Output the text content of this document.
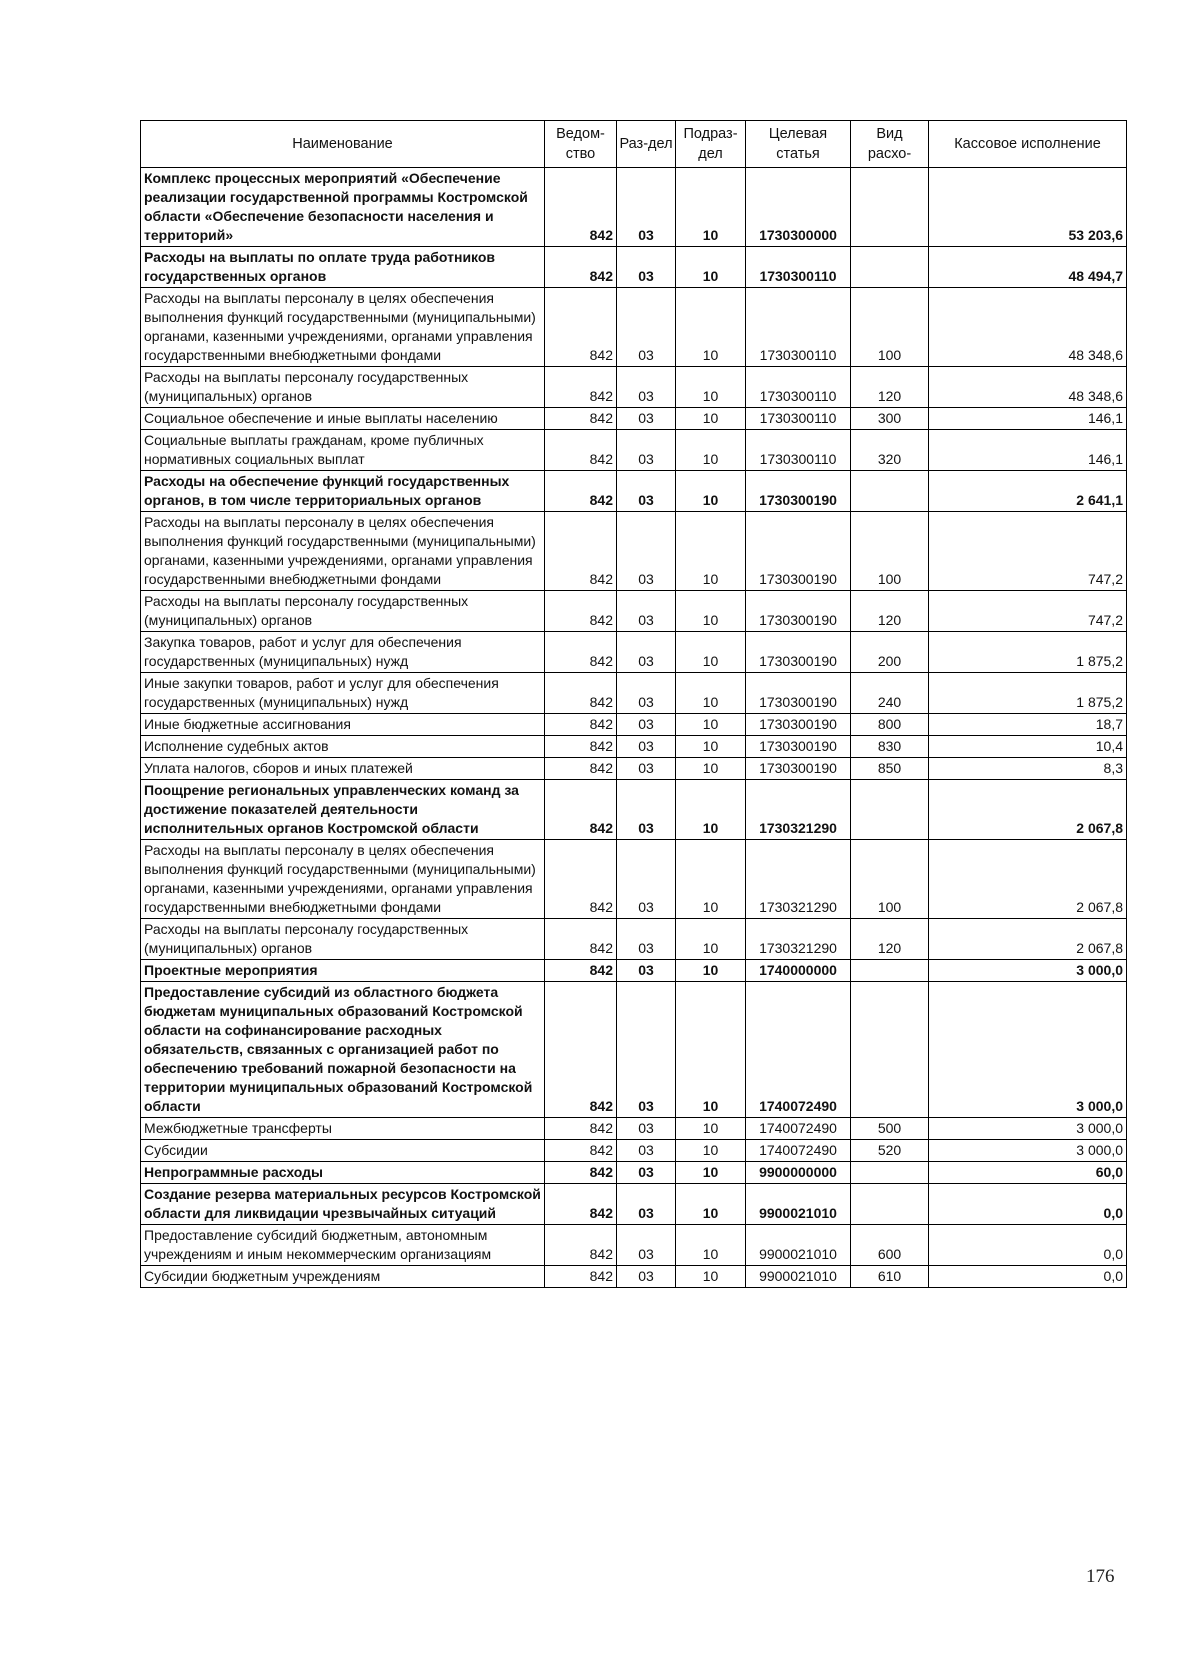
Наименование	Ведом-ство	Раз-дел	Подраз-дел	Целевая статья	Вид расхо-	Кассовое исполнение
Комплекс процессных мероприятий «Обеспечение реализации государственной программы Костромской области «Обеспечение безопасности населения и территорий»	842	03	10	1730300000		53 203,6
Расходы на выплаты по оплате труда работников государственных органов	842	03	10	1730300110		48 494,7
Расходы на выплаты персоналу в целях обеспечения выполнения функций государственными (муниципальными) органами, казенными учреждениями, органами управления государственными внебюджетными фондами	842	03	10	1730300110	100	48 348,6
Расходы на выплаты персоналу государственных (муниципальных) органов	842	03	10	1730300110	120	48 348,6
Социальное обеспечение и иные выплаты населению	842	03	10	1730300110	300	146,1
Социальные выплаты гражданам, кроме публичных нормативных социальных выплат	842	03	10	1730300110	320	146,1
Расходы на обеспечение функций государственных органов, в том числе территориальных органов	842	03	10	1730300190		2 641,1
Расходы на выплаты персоналу в целях обеспечения выполнения функций государственными (муниципальными) органами, казенными учреждениями, органами управления государственными внебюджетными фондами	842	03	10	1730300190	100	747,2
Расходы на выплаты персоналу государственных (муниципальных) органов	842	03	10	1730300190	120	747,2
Закупка товаров, работ и услуг для обеспечения государственных (муниципальных) нужд	842	03	10	1730300190	200	1 875,2
Иные закупки товаров, работ и услуг для обеспечения государственных (муниципальных) нужд	842	03	10	1730300190	240	1 875,2
Иные бюджетные ассигнования	842	03	10	1730300190	800	18,7
Исполнение судебных актов	842	03	10	1730300190	830	10,4
Уплата налогов, сборов и иных платежей	842	03	10	1730300190	850	8,3
Поощрение региональных управленческих команд за достижение показателей деятельности исполнительных органов Костромской области	842	03	10	1730321290		2 067,8
Расходы на выплаты персоналу в целях обеспечения выполнения функций государственными (муниципальными) органами, казенными учреждениями, органами управления государственными внебюджетными фондами	842	03	10	1730321290	100	2 067,8
Расходы на выплаты персоналу государственных (муниципальных) органов	842	03	10	1730321290	120	2 067,8
Проектные мероприятия	842	03	10	1740000000		3 000,0
Предоставление субсидий из областного бюджета бюджетам муниципальных образований Костромской области на софинансирование расходных обязательств, связанных с организацией работ по обеспечению требований пожарной безопасности на территории муниципальных образований Костромской области	842	03	10	1740072490		3 000,0
Межбюджетные трансферты	842	03	10	1740072490	500	3 000,0
Субсидии	842	03	10	1740072490	520	3 000,0
Непрограммные расходы	842	03	10	9900000000		60,0
Создание резерва материальных ресурсов Костромской области для ликвидации чрезвычайных ситуаций	842	03	10	9900021010		0,0
Предоставление субсидий бюджетным, автономным учреждениям и иным некоммерческим организациям	842	03	10	9900021010	600	0,0
Субсидии бюджетным учреждениям	842	03	10	9900021010	610	0,0
176
